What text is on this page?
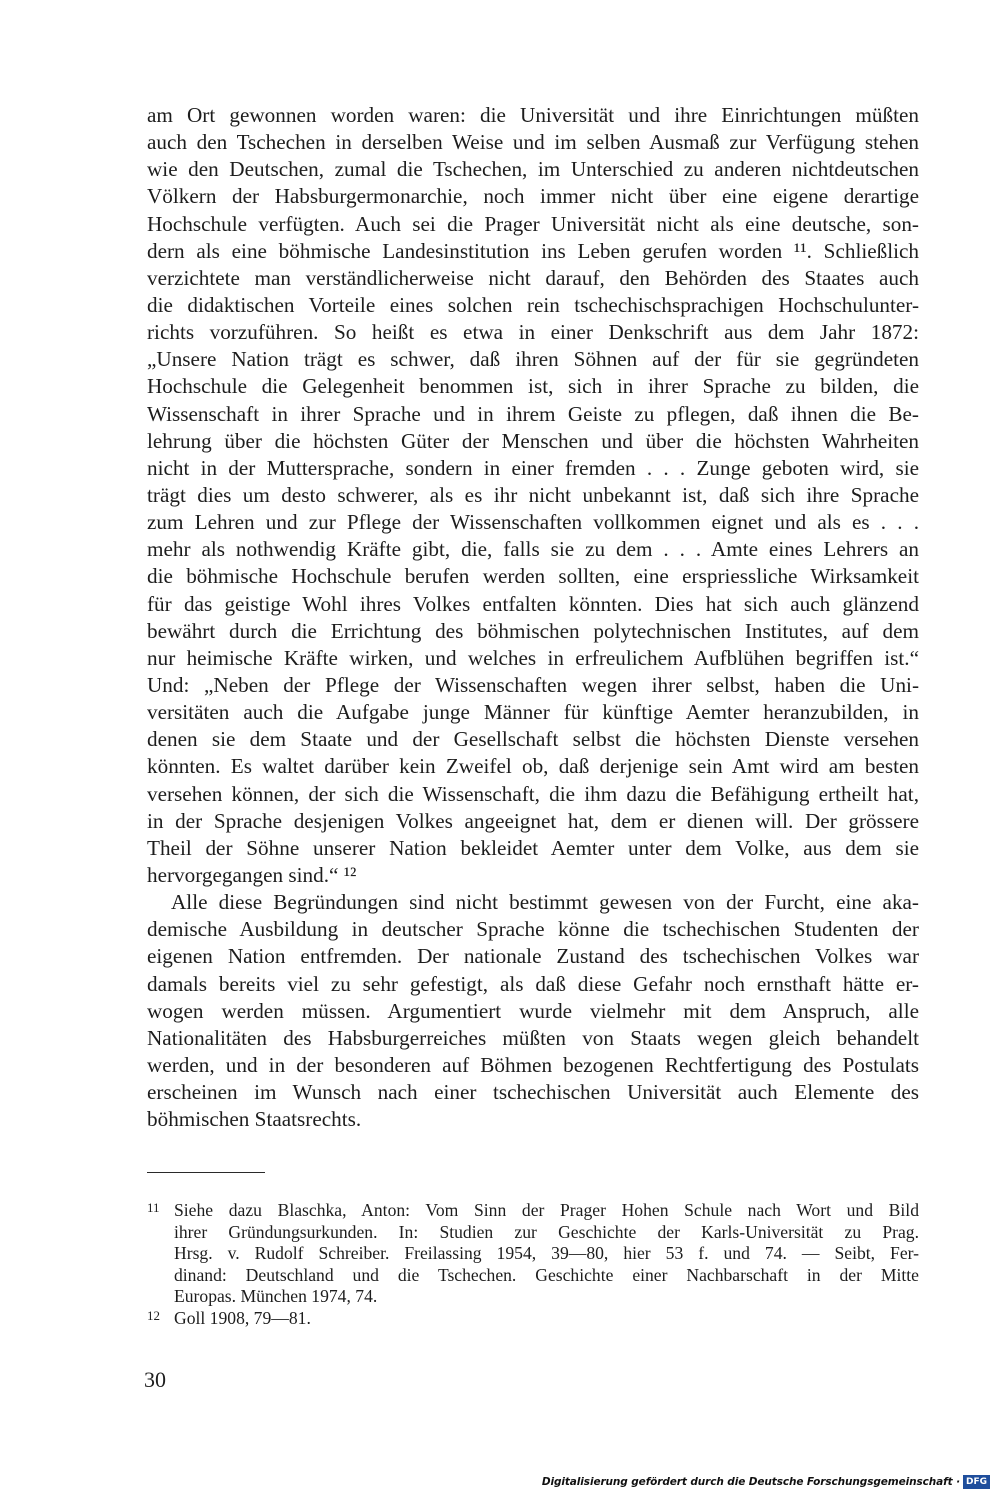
am Ort gewonnen worden waren: die Universität und ihre Einrichtungen müßten
auch den Tschechen in derselben Weise und im selben Ausmaß zur Verfügung stehen
wie den Deutschen, zumal die Tschechen, im Unterschied zu anderen nichtdeutschen
Völkern der Habsburgermonarchie, noch immer nicht über eine eigene derartige
Hochschule verfügten. Auch sei die Prager Universität nicht als eine deutsche, son-
dern als eine böhmische Landesinstitution ins Leben gerufen worden ¹¹. Schließlich
verzichtete man verständlicherweise nicht darauf, den Behörden des Staates auch
die didaktischen Vorteile eines solchen rein tschechischsprachigen Hochschulunter-
richts vorzuführen. So heißt es etwa in einer Denkschrift aus dem Jahr 1872:
„Unsere Nation trägt es schwer, daß ihren Söhnen auf der für sie gegründeten
Hochschule die Gelegenheit benommen ist, sich in ihrer Sprache zu bilden, die
Wissenschaft in ihrer Sprache und in ihrem Geiste zu pflegen, daß ihnen die Be-
lehrung über die höchsten Güter der Menschen und über die höchsten Wahrheiten
nicht in der Muttersprache, sondern in einer fremden . . . Zunge geboten wird, sie
trägt dies um desto schwerer, als es ihr nicht unbekannt ist, daß sich ihre Sprache
zum Lehren und zur Pflege der Wissenschaften vollkommen eignet und als es . . .
mehr als nothwendig Kräfte gibt, die, falls sie zu dem . . . Amte eines Lehrers an
die böhmische Hochschule berufen werden sollten, eine erspriessliche Wirksamkeit
für das geistige Wohl ihres Volkes entfalten könnten. Dies hat sich auch glänzend
bewährt durch die Errichtung des böhmischen polytechnischen Institutes, auf dem
nur heimische Kräfte wirken, und welches in erfreulichem Aufblühen begriffen ist.“
Und: „Neben der Pflege der Wissenschaften wegen ihrer selbst, haben die Uni-
versitäten auch die Aufgabe junge Männer für künftige Aemter heranzubilden, in
denen sie dem Staate und der Gesellschaft selbst die höchsten Dienste versehen
könnten. Es waltet darüber kein Zweifel ob, daß derjenige sein Amt wird am besten
versehen können, der sich die Wissenschaft, die ihm dazu die Befähigung ertheilt hat,
in der Sprache desjenigen Volkes angeeignet hat, dem er dienen will. Der grössere
Theil der Söhne unserer Nation bekleidet Aemter unter dem Volke, aus dem sie
hervorgegangen sind.“ ¹²
Alle diese Begründungen sind nicht bestimmt gewesen von der Furcht, eine aka-
demische Ausbildung in deutscher Sprache könne die tschechischen Studenten der
eigenen Nation entfremden. Der nationale Zustand des tschechischen Volkes war
damals bereits viel zu sehr gefestigt, als daß diese Gefahr noch ernsthaft hätte er-
wogen werden müssen. Argumentiert wurde vielmehr mit dem Anspruch, alle
Nationalitäten des Habsburgerreiches müßten von Staats wegen gleich behandelt
werden, und in der besonderen auf Böhmen bezogenen Rechtfertigung des Postulats
erscheinen im Wunsch nach einer tschechischen Universität auch Elemente des
böhmischen Staatsrechts.
11 Siehe dazu Blaschka, Anton: Vom Sinn der Prager Hohen Schule nach Wort und Bild
ihrer Gründungsurkunden. In: Studien zur Geschichte der Karls-Universität zu Prag.
Hrsg. v. Rudolf Schreiber. Freilassing 1954, 39—80, hier 53 f. und 74. — Seibt, Fer-
dinand: Deutschland und die Tschechen. Geschichte einer Nachbarschaft in der Mitte
Europas. München 1974, 74.
12 Goll 1908, 79—81.
30
Digitalisierung gefördert durch die Deutsche Forschungsgemeinschaft · DFG
